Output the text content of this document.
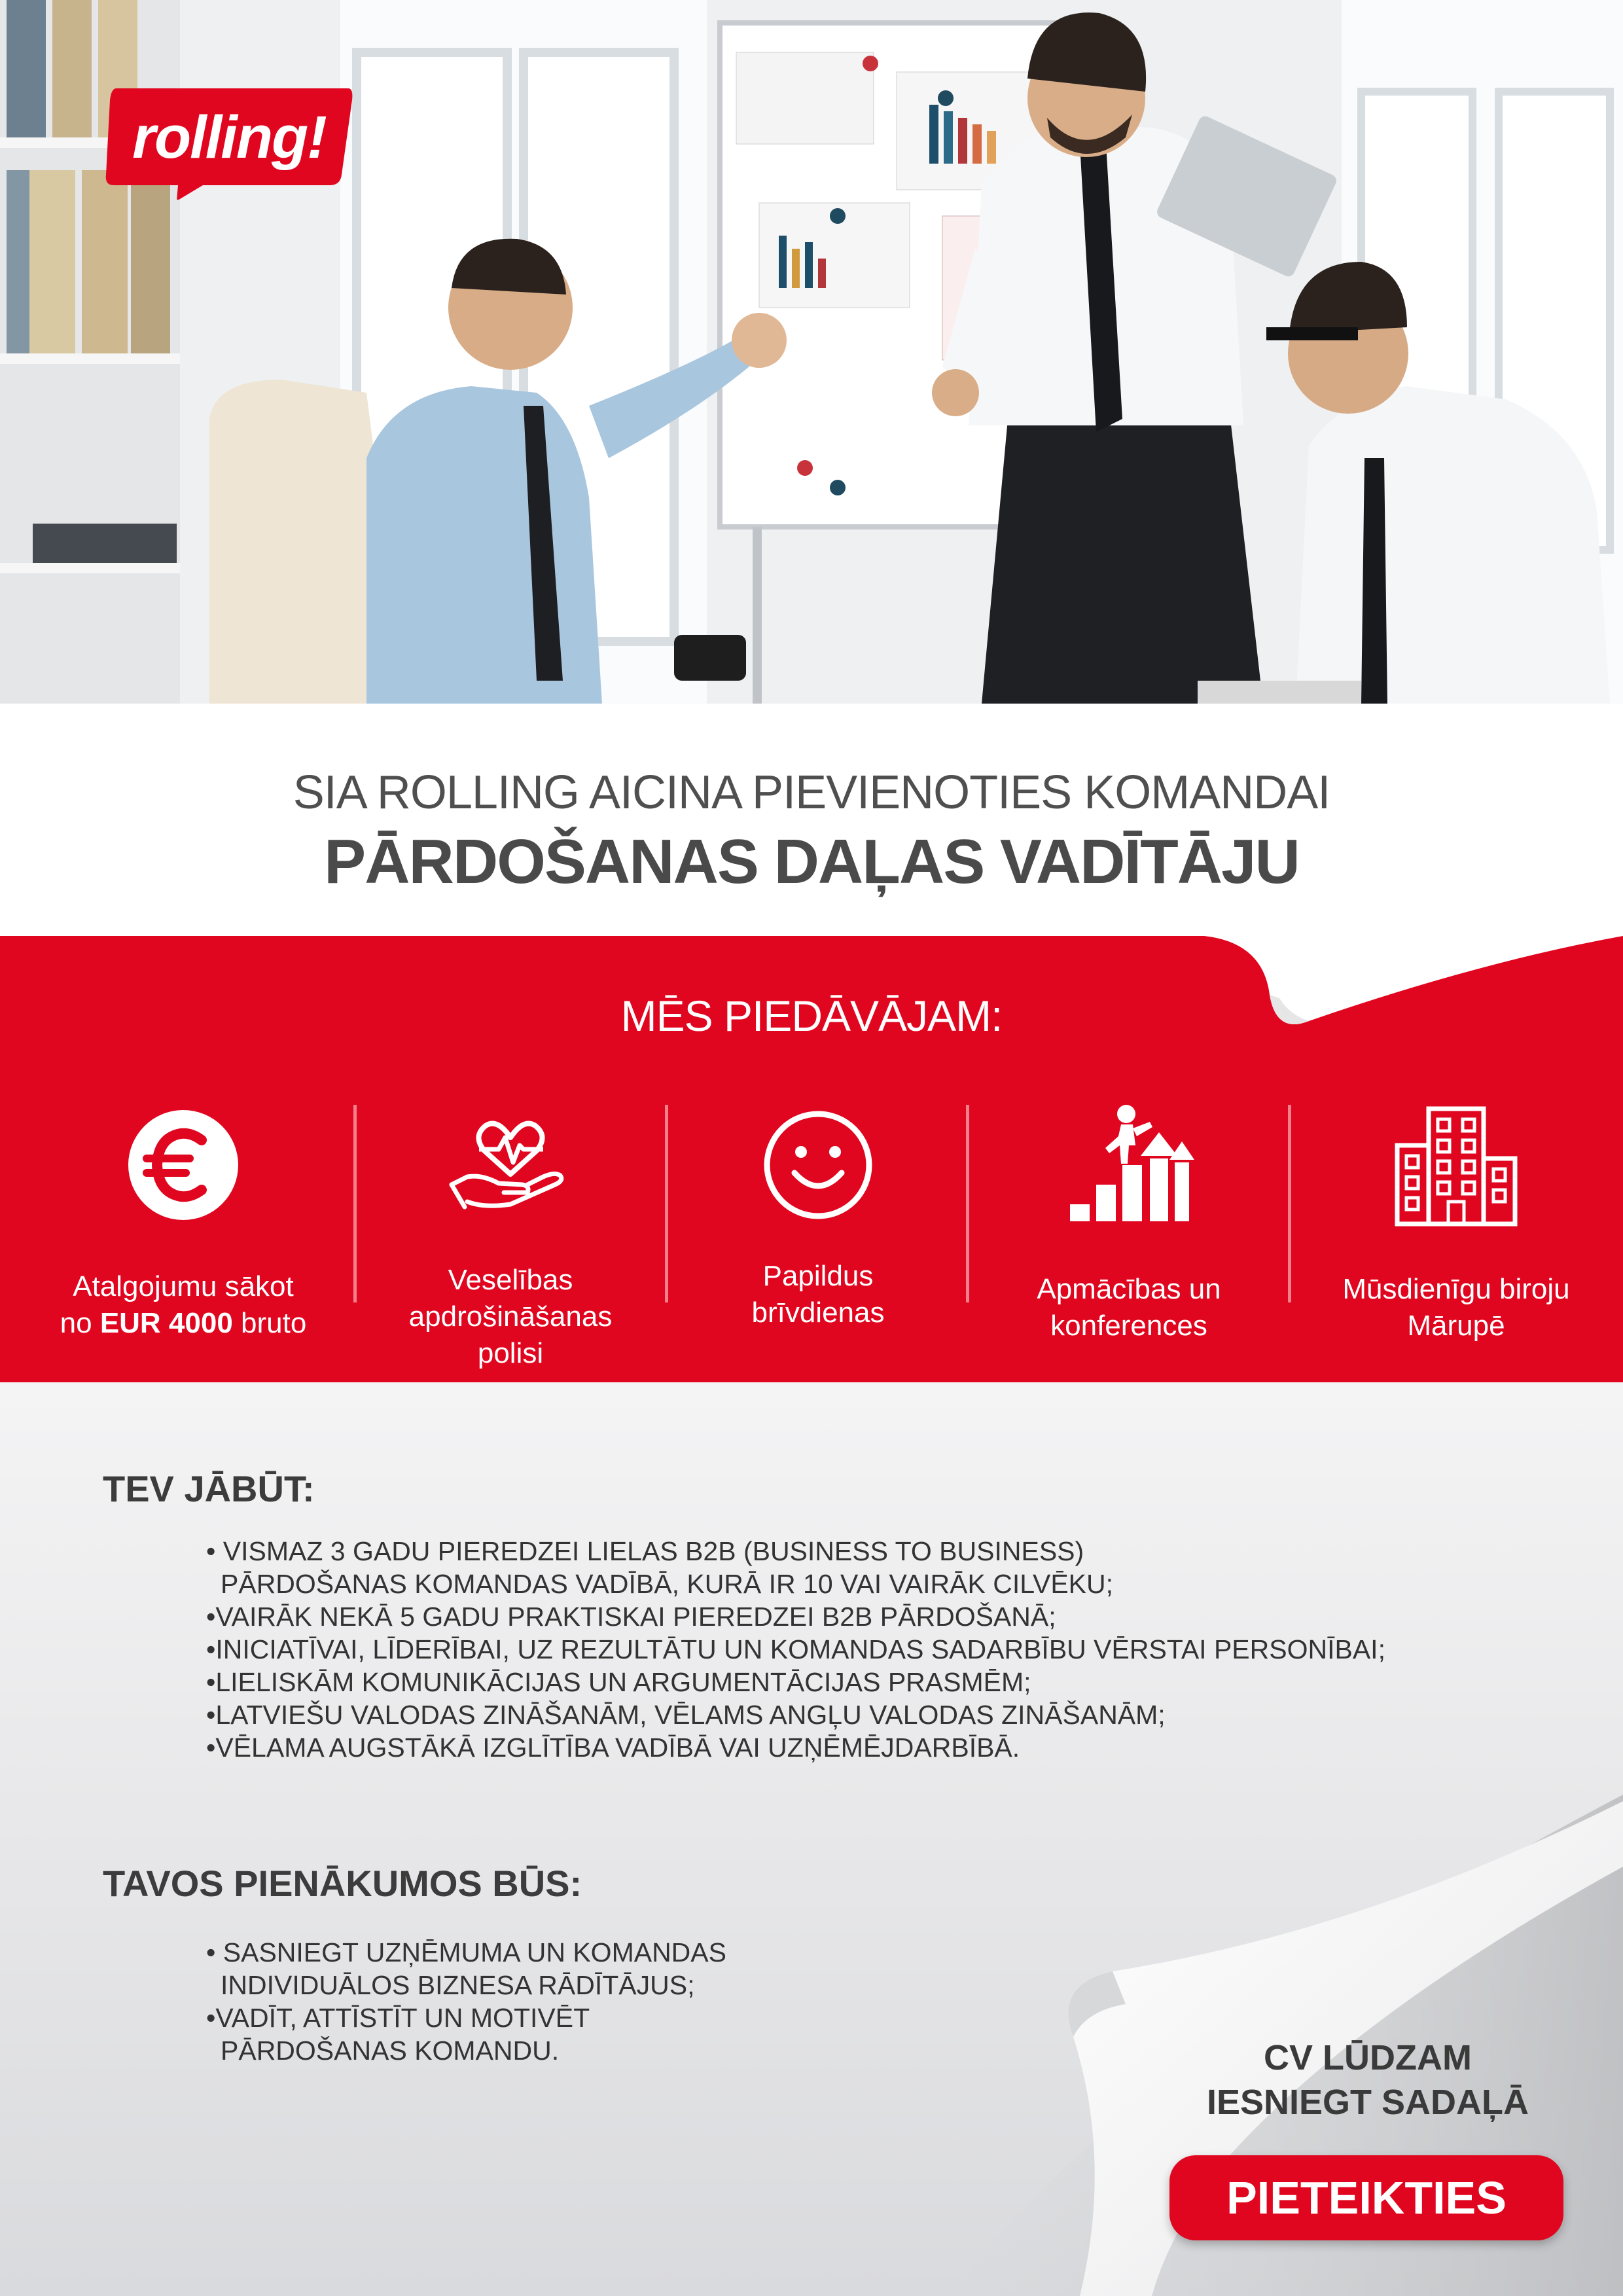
rolling!
SIA ROLLING AICINA PIEVIENOTIES KOMANDAI
PĀRDOŠANAS DAĻAS VADĪTĀJU
MĒS PIEDĀVĀJAM:
Atalgojumu sākot
no EUR 4000 bruto
Veselības
apdrošināšanas
polisi
Papildus
brīvdienas
Apmācības un
konferences
Mūsdienīgu biroju
Mārupē
TEV JĀBŪT:
• VISMAZ 3 GADU PIEREDZEI LIELAS B2B (BUSINESS TO BUSINESS)
PĀRDOŠANAS KOMANDAS VADĪBĀ, KURĀ IR 10 VAI VAIRĀK CILVĒKU;
•VAIRĀK NEKĀ 5 GADU PRAKTISKAI PIEREDZEI B2B PĀRDOŠANĀ;
•INICIATĪVAI, LĪDERĪBAI, UZ REZULTĀTU UN KOMANDAS SADARBĪBU VĒRSTAI PERSONĪBAI;
•LIELISKĀM KOMUNIKĀCIJAS UN ARGUMENTĀCIJAS PRASMĒM;
•LATVIEŠU VALODAS ZINĀŠANĀM, VĒLAMS ANGĻU VALODAS ZINĀŠANĀM;
•VĒLAMA AUGSTĀKĀ IZGLĪTĪBA VADĪBĀ VAI UZŅĒMĒJDARBĪBĀ.
TAVOS PIENĀKUMOS BŪS:
• SASNIEGT UZŅĒMUMA UN KOMANDAS
INDIVIDUĀLOS BIZNESA RĀDĪTĀJUS;
•VADĪT, ATTĪSTĪT UN MOTIVĒT
PĀRDOŠANAS KOMANDU.	CV LŪDZAM
IESNIEGT SADAĻĀ
PIETEIKTIES
